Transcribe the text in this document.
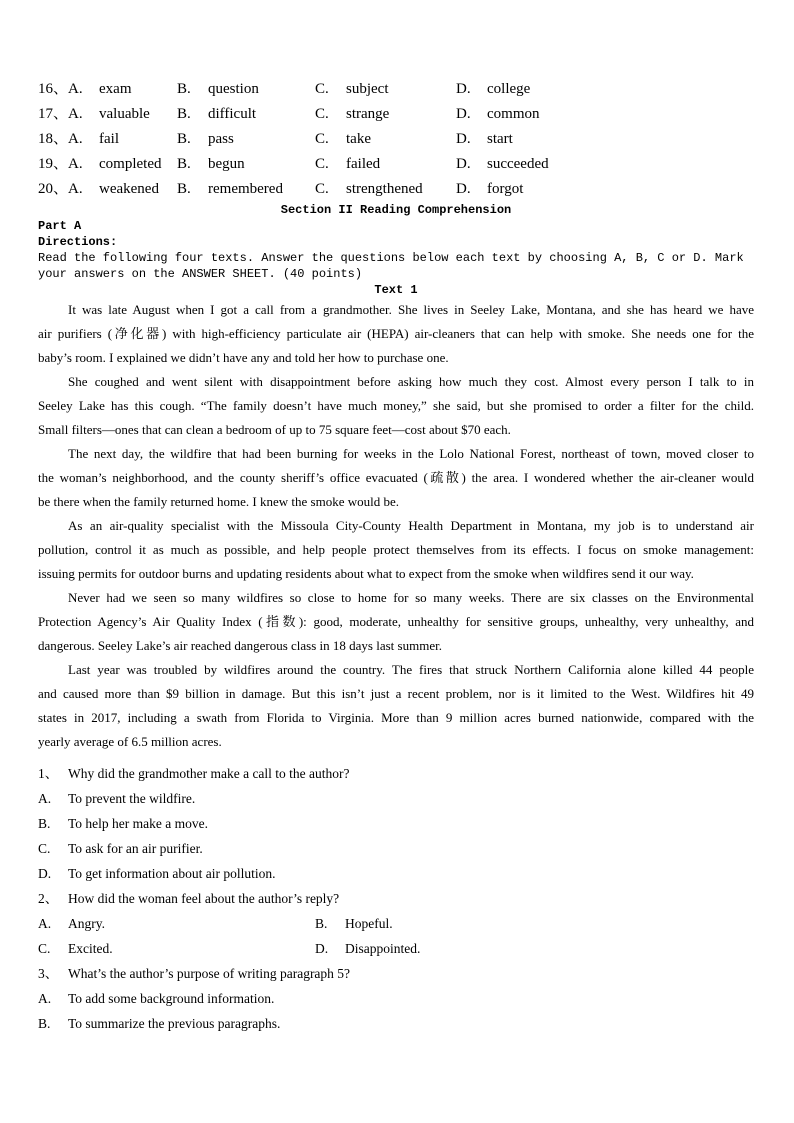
16、 A. exam	B. question	C. subject	D. college
17、 A. valuable	B. difficult	C. strange	D. common
18、 A. fail	B. pass	C. take	D. start
19、 A. completed	B. begun	C. failed	D. succeeded
20、 A. weakened	B. remembered	C. strengthened	D. forgot
Section II Reading Comprehension
Part A
Directions:
Read the following four texts. Answer the questions below each text by choosing A, B, C or D. Mark your answers on the ANSWER SHEET. (40 points)
Text 1
It was late August when I got a call from a grandmother. She lives in Seeley Lake, Montana, and she has heard we have
air purifiers (净化器) with high-efficiency particulate air (HEPA) air-cleaners that can help with smoke. She needs one for the
baby’s room. I explained we didn’t have any and told her how to purchase one.
She coughed and went silent with disappointment before asking how much they cost. Almost every person I talk to in
Seeley Lake has this cough. “The family doesn’t have much money,” she said, but she promised to order a filter for the child.
Small filters—ones that can clean a bedroom of up to 75 square feet—cost about $70 each.
The next day, the wildfire that had been burning for weeks in the Lolo National Forest, northeast of town, moved closer to
the woman’s neighborhood, and the county sheriff’s office evacuated (疏散) the area. I wondered whether the air-cleaner would
be there when the family returned home. I knew the smoke would be.
As an air-quality specialist with the Missoula City-County Health Department in Montana, my job is to understand air
pollution, control it as much as possible, and help people protect themselves from its effects. I focus on smoke management:
issuing permits for outdoor burns and updating residents about what to expect from the smoke when wildfires send it our way.
Never had we seen so many wildfires so close to home for so many weeks. There are six classes on the Environmental
Protection Agency’s Air Quality Index (指数): good, moderate, unhealthy for sensitive groups, unhealthy, very unhealthy, and
dangerous. Seeley Lake’s air reached dangerous class in 18 days last summer.
Last year was troubled by wildfires around the country. The fires that struck Northern California alone killed 44 people
and caused more than $9 billion in damage. But this isn’t just a recent problem, nor is it limited to the West. Wildfires hit 49
states in 2017, including a swath from Florida to Virginia. More than 9 million acres burned nationwide, compared with the
yearly average of 6.5 million acres.
1、 Why did the grandmother make a call to the author?
A. To prevent the wildfire.
B. To help her make a move.
C. To ask for an air purifier.
D. To get information about air pollution.
2、 How did the woman feel about the author’s reply?
A. Angry.	B. Hopeful.
C. Excited.	D. Disappointed.
3、 What’s the author’s purpose of writing paragraph 5?
A. To add some background information.
B. To summarize the previous paragraphs.
